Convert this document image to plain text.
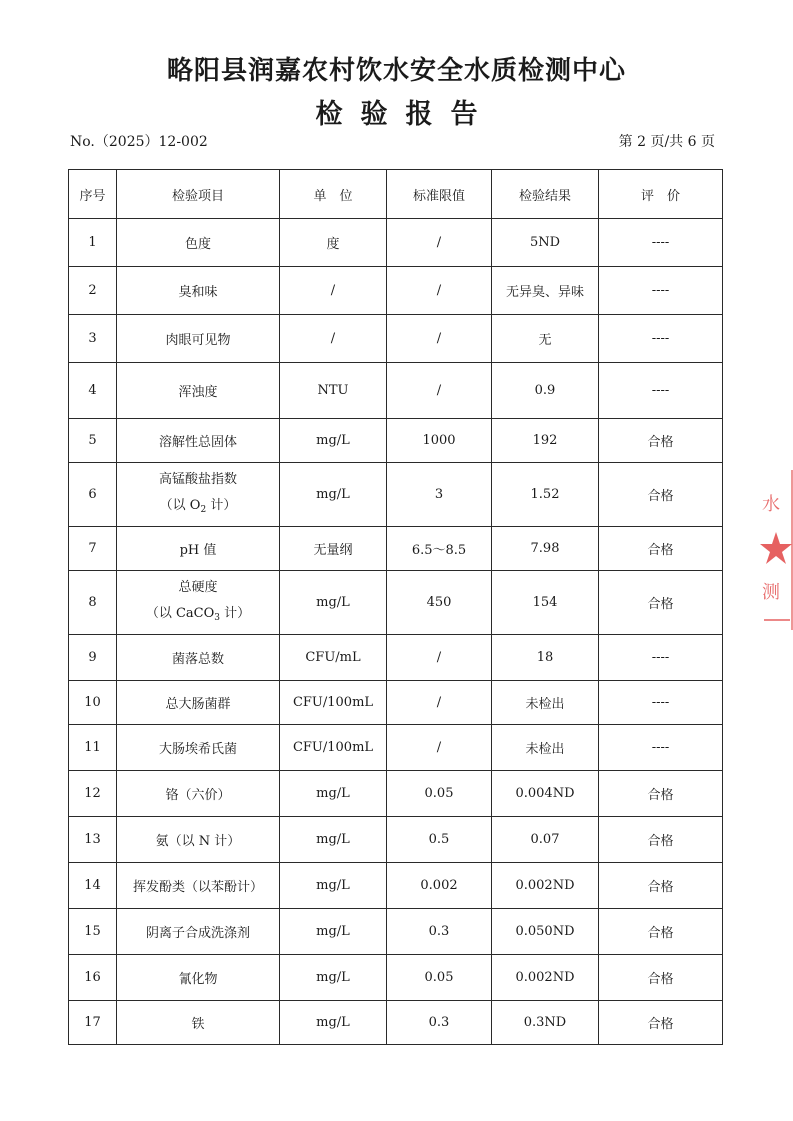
略阳县润嘉农村饮水安全水质检测中心
检验报告
No.（2025）12-002	第 2 页/共 6 页
序号	检验项目	单　位	标准限值	检验结果	评　价
1	色度	度	/	5ND	----
2	臭和味	/	/	无异臭、异味	----
3	肉眼可见物	/	/	无	----
4	浑浊度	NTU	/	0.9	----
5	溶解性总固体	mg/L	1000	192	合格
6	高锰酸盐指数
（以 $O_2$ 计）	mg/L	3	1.52	合格
7	pH 值	无量纲	6.5～8.5	7.98	合格
8	总硬度
（以 CaCO$_3$ 计）	mg/L	450	154	合格
9	菌落总数	CFU/mL	/	18	----
10	总大肠菌群	CFU/100mL	/	未检出	----
11	大肠埃希氏菌	CFU/100mL	/	未检出	----
12	铬（六价）	mg/L	0.05	0.004ND	合格
13	氨（以 N 计）	mg/L	0.5	0.07	合格
14	挥发酚类（以苯酚计）	mg/L	0.002	0.002ND	合格
15	阴离子合成洗涤剂	mg/L	0.3	0.050ND	合格
16	氰化物	mg/L	0.05	0.002ND	合格
17	铁	mg/L	0.3	0.3ND	合格
水
测
